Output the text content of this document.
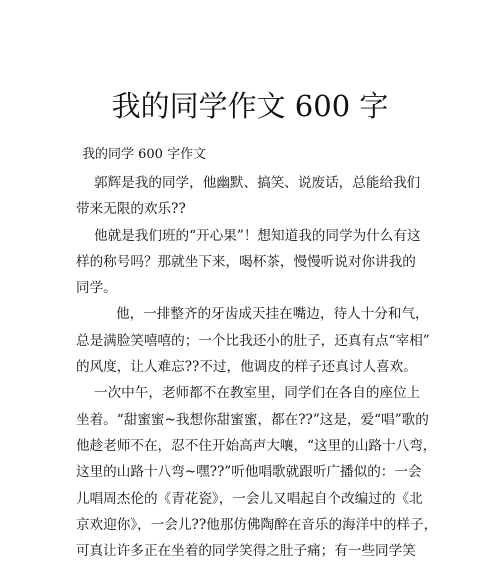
我的同学作文 600 字
我的同学 600 字作文
郭辉是我的同学，他幽默、搞笑、说废话，总能给我们
带来无限的欢乐??
他就是我们班的“开心果”！想知道我的同学为什么有这
样的称号吗？那就坐下来，喝杯茶，慢慢听说对你讲我的
同学。
他，一排整齐的牙齿成天挂在嘴边，待人十分和气，
总是满脸笑嘻嘻的；一个比我还小的肚子，还真有点“宰相”
的风度，让人难忘??不过，他调皮的样子还真讨人喜欢。
一次中午，老师都不在教室里，同学们在各自的座位上
坐着。“甜蜜蜜~我想你甜蜜蜜，都在??”这是，爱“唱”歌的
他趁老师不在，忍不住开始高声大嚷，“这里的山路十八弯，
这里的山路十八弯~嘿??”听他唱歌就跟听广播似的：一会
儿唱周杰伦的《青花瓷》，一会儿又唱起自个改编过的《北
京欢迎你》，一会儿??他那仿佛陶醉在音乐的海洋中的样子，
可真让许多正在坐着的同学笑得之肚子痛；有一些同学笑
